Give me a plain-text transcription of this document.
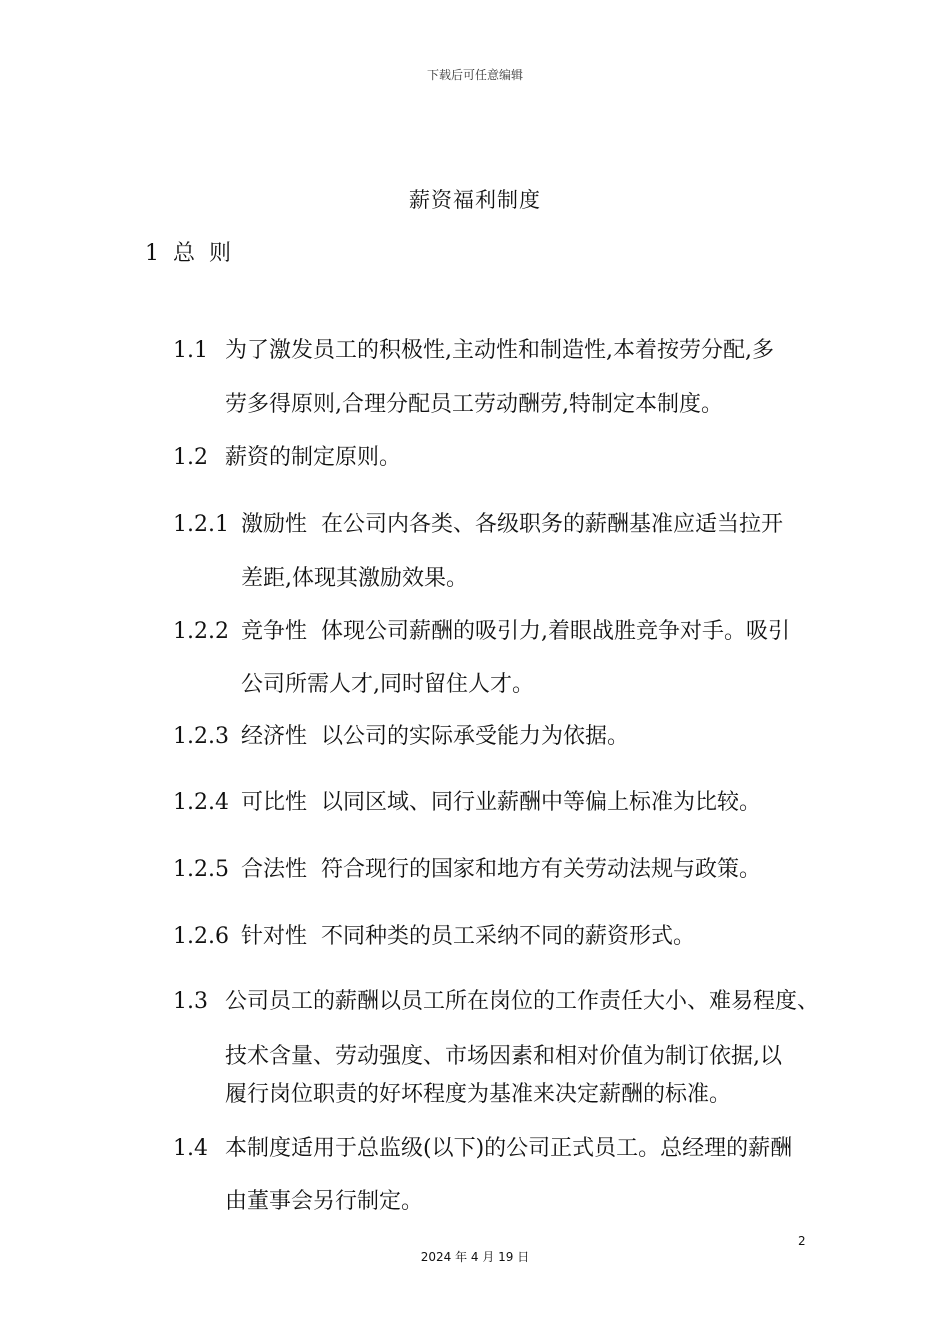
下载后可任意编辑
薪资福利制度
1 总  则

1.1 为了激发员工的积极性,主动性和制造性,本着按劳分配,多

劳多得原则,合理分配员工劳动酬劳,特制定本制度。

1.2 薪资的制定原则。

1.2.1 激励性  在公司内各类、各级职务的薪酬基准应适当拉开

差距,体现其激励效果。

1.2.2 竞争性  体现公司薪酬的吸引力,着眼战胜竞争对手。吸引

公司所需人才,同时留住人才。

1.2.3 经济性  以公司的实际承受能力为依据。

1.2.4 可比性  以同区域、同行业薪酬中等偏上标准为比较。

1.2.5 合法性  符合现行的国家和地方有关劳动法规与政策。

1.2.6 针对性  不同种类的员工采纳不同的薪资形式。

1.3 公司员工的薪酬以员工所在岗位的工作责任大小、难易程度、

技术含量、劳动强度、市场因素和相对价值为制订依据,以

履行岗位职责的好坏程度为基准来决定薪酬的标准。

1.4 本制度适用于总监级(以下)的公司正式员工。总经理的薪酬

由董事会另行制定。

2
2024 年 4 月 19 日
